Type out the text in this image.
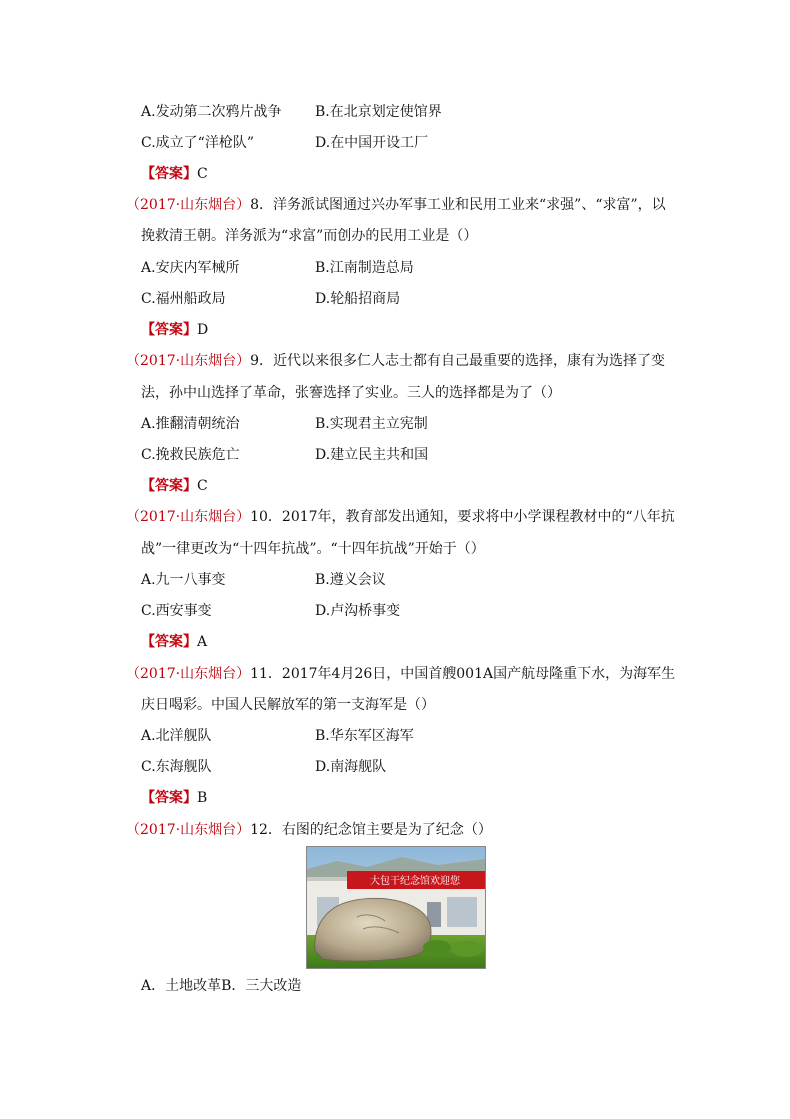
A.发动第二次鸦片战争 B.在北京划定使馆界
C.成立了“洋枪队”	D.在中国开设工厂
【答案】C
（2017·山东烟台）8．洋务派试图通过兴办军事工业和民用工业来“求强”、“求富”，以
挽救清王朝。洋务派为“求富”而创办的民用工业是（）
A.安庆内军械所	B.江南制造总局
C.福州船政局	D.轮船招商局
【答案】D
（2017·山东烟台）9．近代以来很多仁人志士都有自己最重要的选择，康有为选择了变
法，孙中山选择了革命，张謇选择了实业。三人的选择都是为了（）
A.推翻清朝统治	B.实现君主立宪制
C.挽救民族危亡	D.建立民主共和国
【答案】C
（2017·山东烟台）10．2017年，教育部发出通知，要求将中小学课程教材中的“八年抗
战”一律更改为“十四年抗战”。“十四年抗战”开始于（）
A.九一八事变	B.遵义会议
C.西安事变	D.卢沟桥事变
【答案】A
（2017·山东烟台）11．2017年4月26日，中国首艘001A国产航母隆重下水，为海军生
庆日喝彩。中国人民解放军的第一支海军是（）
A.北洋舰队	B.华东军区海军
C.东海舰队	D.南海舰队
【答案】B
（2017·山东烟台）12．右图的纪念馆主要是为了纪念（）
大包干纪念馆欢迎您
A．土地改革B．三大改造
